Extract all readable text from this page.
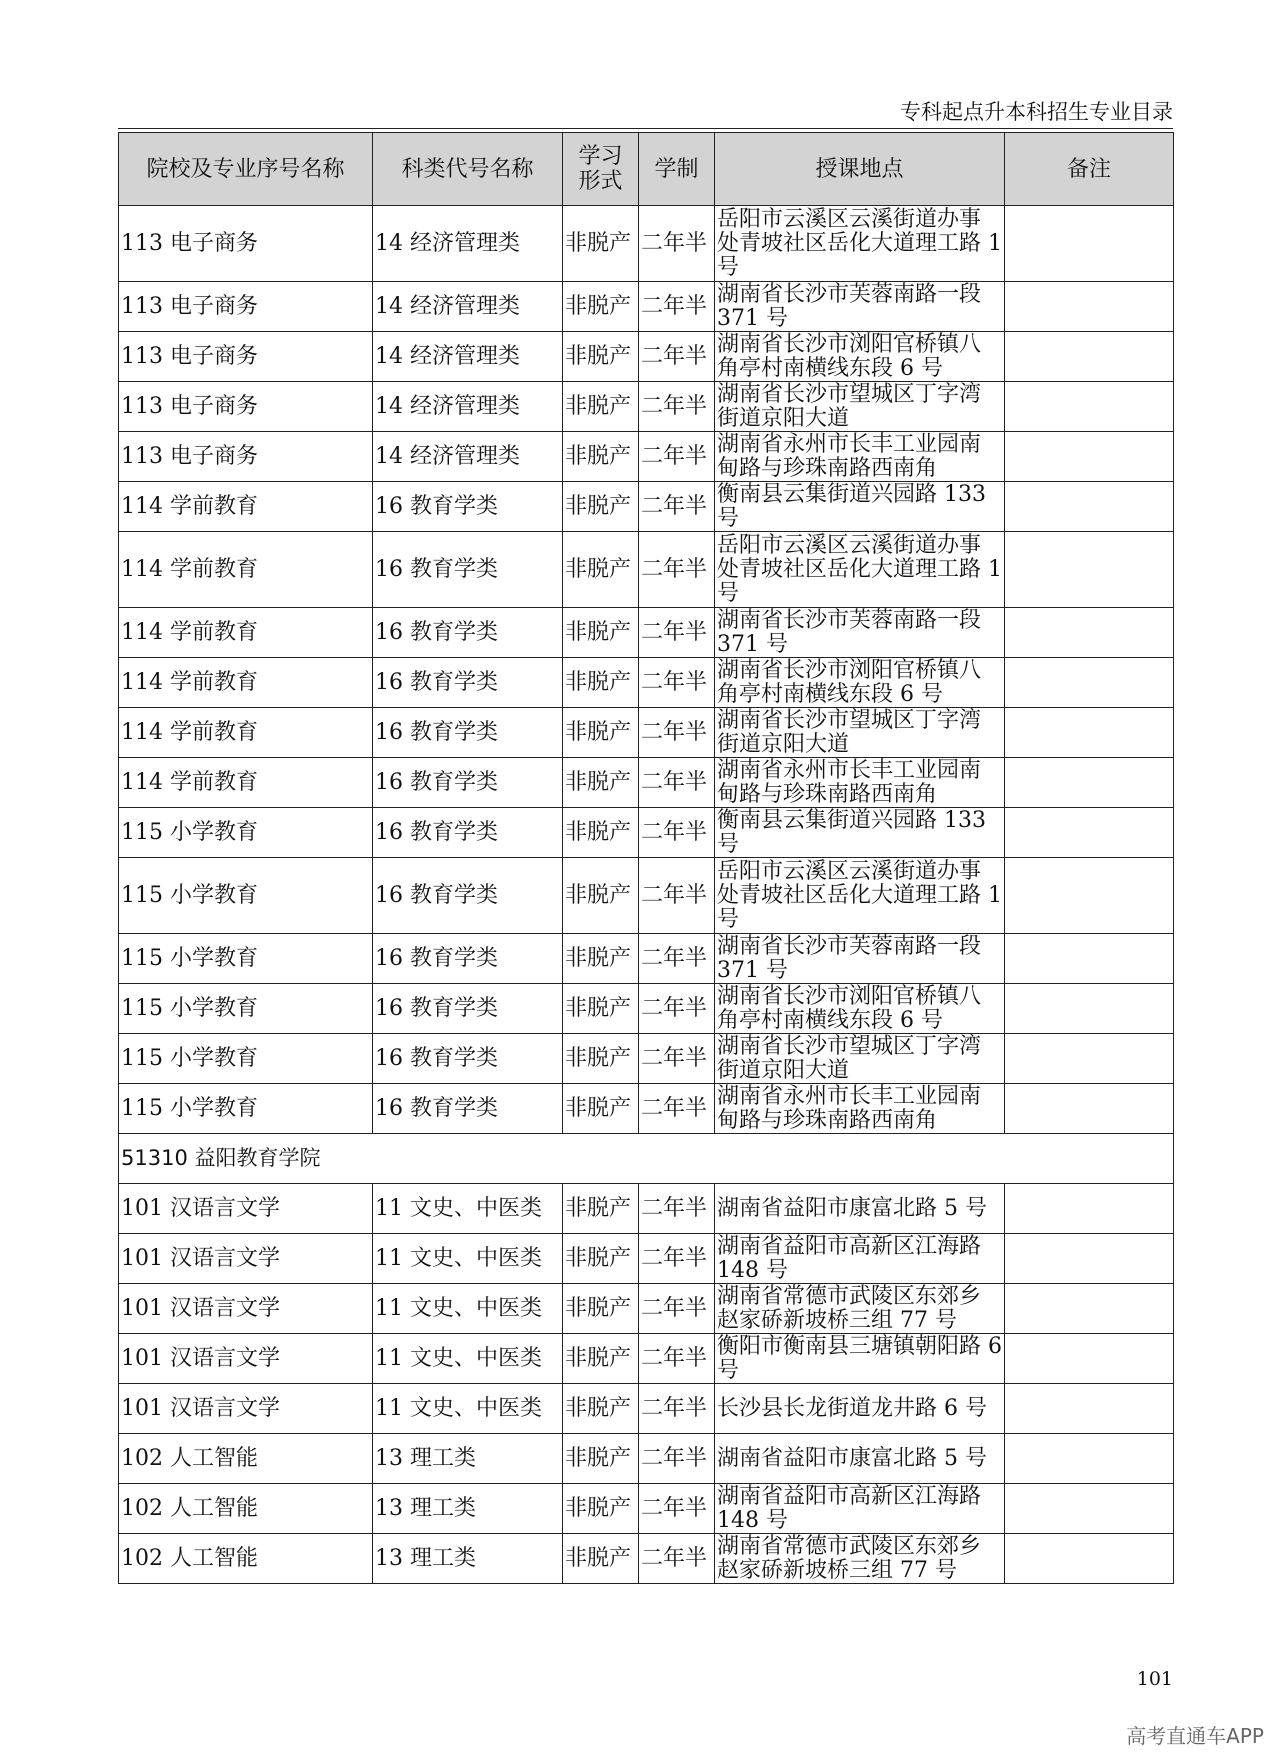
专科起点升本科招生专业目录
院校及专业序号名称	科类代号名称	学习
形式	学制	授课地点	备注
113 电子商务	14 经济管理类	非脱产	二年半	岳阳市云溪区云溪街道办事处青坡社区岳化大道理工路 1 号	
113 电子商务	14 经济管理类	非脱产	二年半	湖南省长沙市芙蓉南路一段 371 号	
113 电子商务	14 经济管理类	非脱产	二年半	湖南省长沙市浏阳官桥镇八角亭村南横线东段 6 号	
113 电子商务	14 经济管理类	非脱产	二年半	湖南省长沙市望城区丁字湾街道京阳大道	
113 电子商务	14 经济管理类	非脱产	二年半	湖南省永州市长丰工业园南甸路与珍珠南路西南角	
114 学前教育	16 教育学类	非脱产	二年半	衡南县云集街道兴园路 133 号	
114 学前教育	16 教育学类	非脱产	二年半	岳阳市云溪区云溪街道办事处青坡社区岳化大道理工路 1 号	
114 学前教育	16 教育学类	非脱产	二年半	湖南省长沙市芙蓉南路一段 371 号	
114 学前教育	16 教育学类	非脱产	二年半	湖南省长沙市浏阳官桥镇八角亭村南横线东段 6 号	
114 学前教育	16 教育学类	非脱产	二年半	湖南省长沙市望城区丁字湾街道京阳大道	
114 学前教育	16 教育学类	非脱产	二年半	湖南省永州市长丰工业园南甸路与珍珠南路西南角	
115 小学教育	16 教育学类	非脱产	二年半	衡南县云集街道兴园路 133 号	
115 小学教育	16 教育学类	非脱产	二年半	岳阳市云溪区云溪街道办事处青坡社区岳化大道理工路 1 号	
115 小学教育	16 教育学类	非脱产	二年半	湖南省长沙市芙蓉南路一段 371 号	
115 小学教育	16 教育学类	非脱产	二年半	湖南省长沙市浏阳官桥镇八角亭村南横线东段 6 号	
115 小学教育	16 教育学类	非脱产	二年半	湖南省长沙市望城区丁字湾街道京阳大道	
115 小学教育	16 教育学类	非脱产	二年半	湖南省永州市长丰工业园南甸路与珍珠南路西南角	
51310 益阳教育学院					
101 汉语言文学	11 文史、中医类	非脱产	二年半	湖南省益阳市康富北路 5 号	
101 汉语言文学	11 文史、中医类	非脱产	二年半	湖南省益阳市高新区江海路 148 号	
101 汉语言文学	11 文史、中医类	非脱产	二年半	湖南省常德市武陵区东郊乡赵家硚新坡桥三组 77 号	
101 汉语言文学	11 文史、中医类	非脱产	二年半	衡阳市衡南县三塘镇朝阳路 6 号	
101 汉语言文学	11 文史、中医类	非脱产	二年半	长沙县长龙街道龙井路 6 号	
102 人工智能	13 理工类	非脱产	二年半	湖南省益阳市康富北路 5 号	
102 人工智能	13 理工类	非脱产	二年半	湖南省益阳市高新区江海路 148 号	
102 人工智能	13 理工类	非脱产	二年半	湖南省常德市武陵区东郊乡赵家硚新坡桥三组 77 号	
101
高考直通车APP
